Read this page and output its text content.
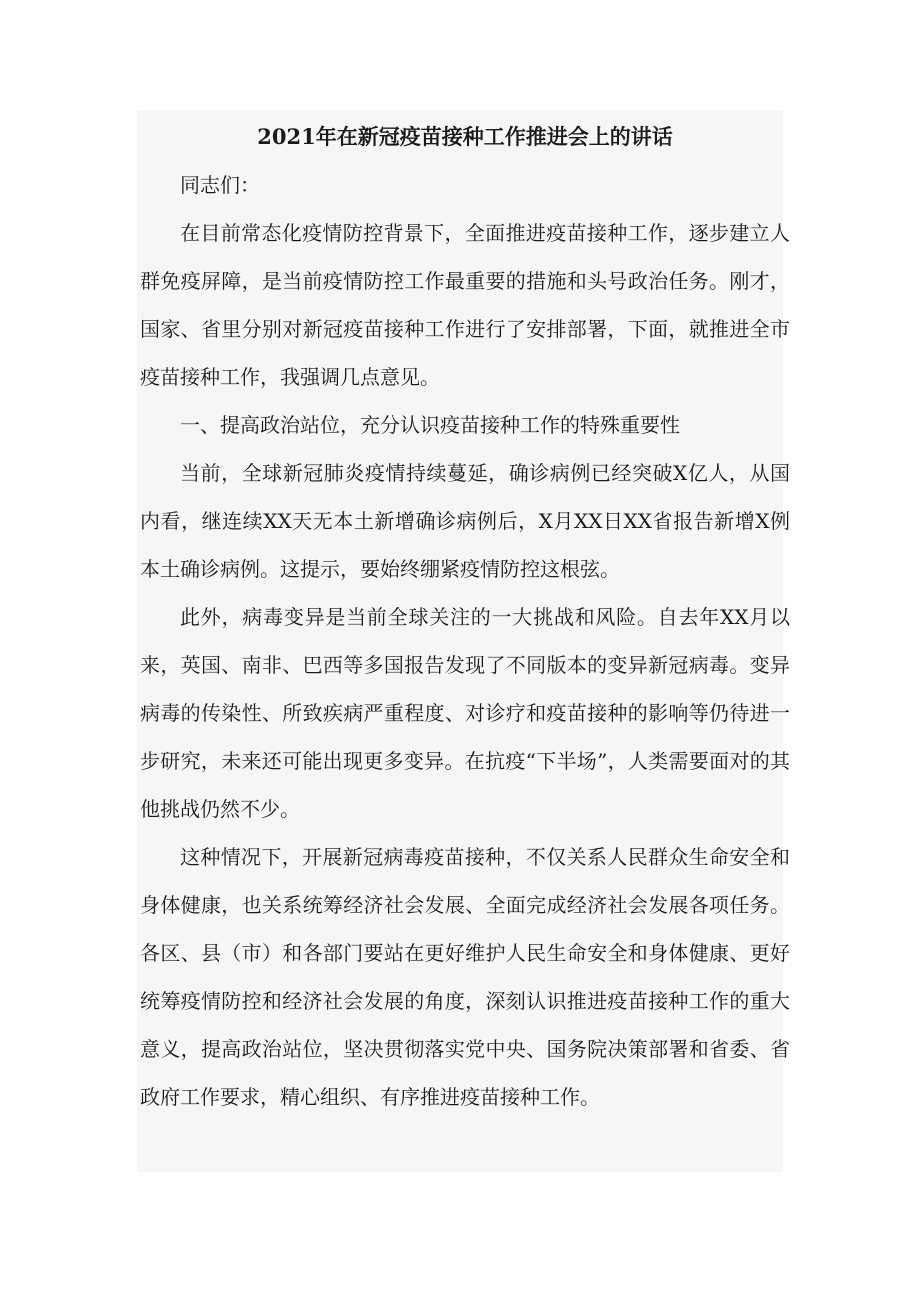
2021年在新冠疫苗接种工作推进会上的讲话

同志们：

在目前常态化疫情防控背景下，全面推进疫苗接种工作，逐步建立人群免疫屏障，是当前疫情防控工作最重要的措施和头号政治任务。刚才，国家、省里分别对新冠疫苗接种工作进行了安排部署，下面，就推进全市疫苗接种工作，我强调几点意见。

一、提高政治站位，充分认识疫苗接种工作的特殊重要性

当前，全球新冠肺炎疫情持续蔓延，确诊病例已经突破X亿人，从国内看，继连续XX天无本土新增确诊病例后，X月XX日XX省报告新增X例本土确诊病例。这提示，要始终绷紧疫情防控这根弦。

此外，病毒变异是当前全球关注的一大挑战和风险。自去年XX月以来，英国、南非、巴西等多国报告发现了不同版本的变异新冠病毒。变异病毒的传染性、所致疾病严重程度、对诊疗和疫苗接种的影响等仍待进一步研究，未来还可能出现更多变异。在抗疫“下半场”，人类需要面对的其他挑战仍然不少。

这种情况下，开展新冠病毒疫苗接种，不仅关系人民群众生命安全和身体健康，也关系统筹经济社会发展、全面完成经济社会发展各项任务。各区、县（市）和各部门要站在更好维护人民生命安全和身体健康、更好统筹疫情防控和经济社会发展的角度，深刻认识推进疫苗接种工作的重大意义，提高政治站位，坚决贯彻落实党中央、国务院决策部署和省委、省政府工作要求，精心组织、有序推进疫苗接种工作。
